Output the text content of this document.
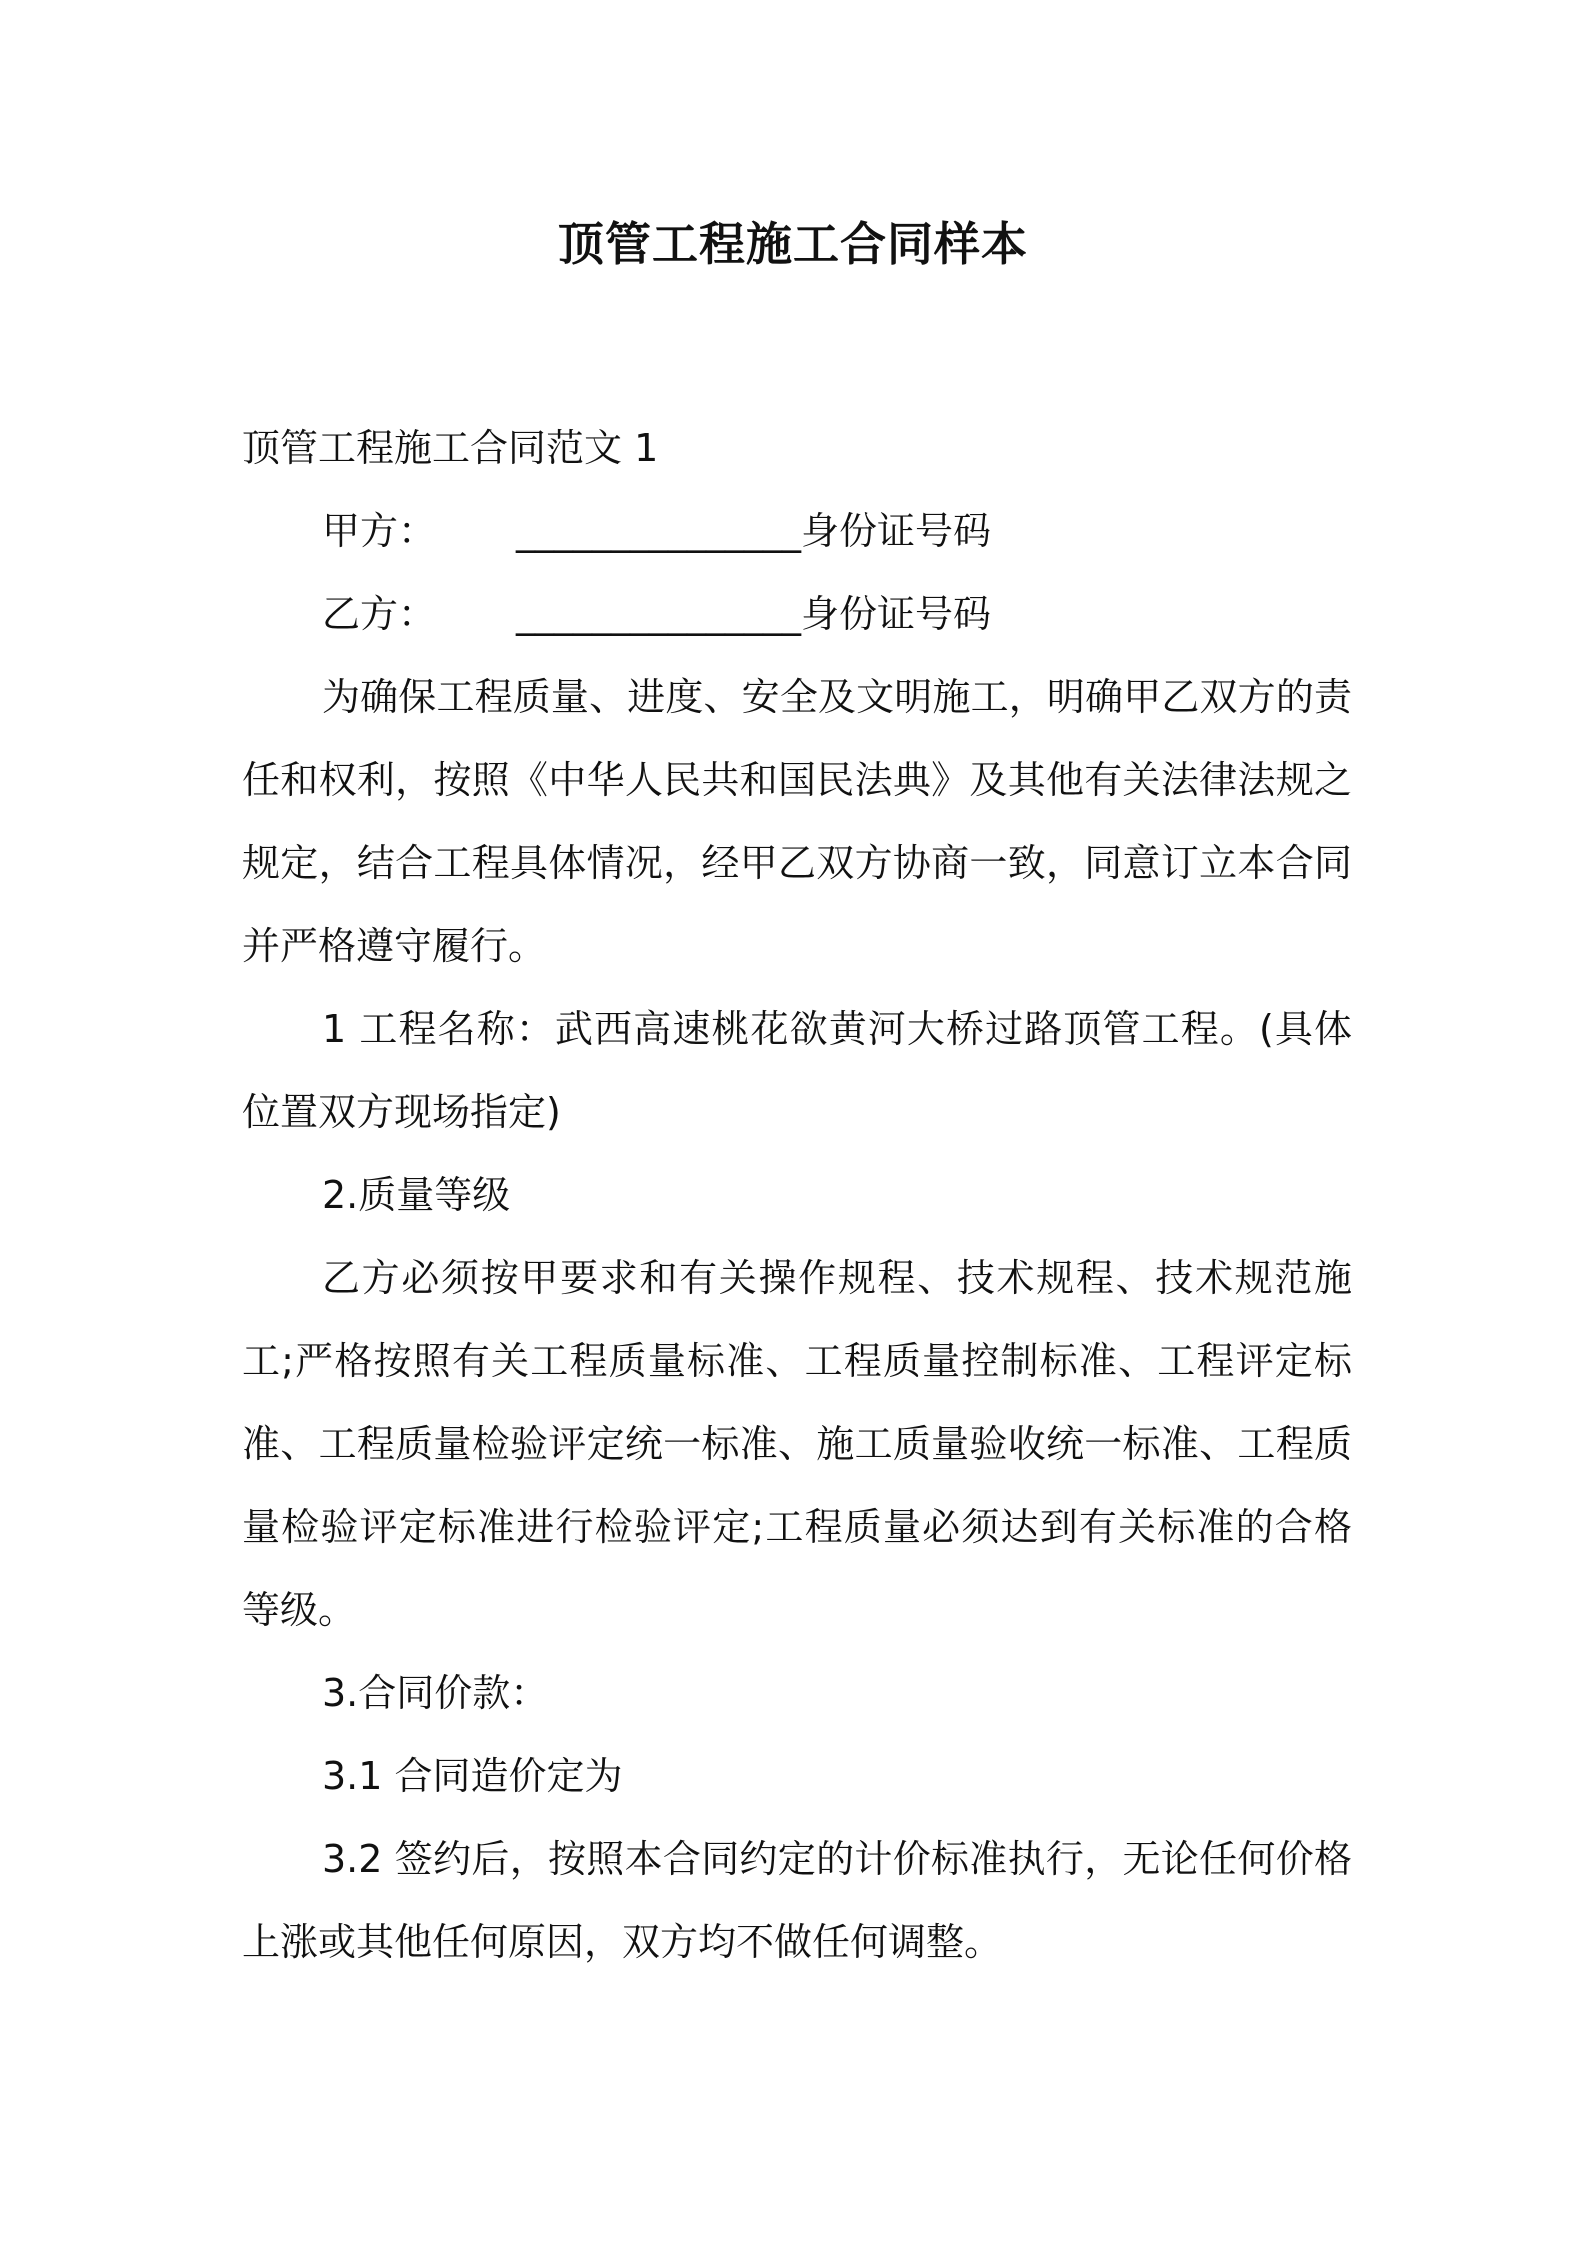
顶管工程施工合同样本

顶管工程施工合同范文 1

甲方： _______________身份证号码

乙方： _______________身份证号码

为确保工程质量、进度、安全及文明施工，明确甲乙双方的责任和权利，按照《中华人民共和国民法典》及其他有关法律法规之规定，结合工程具体情况，经甲乙双方协商一致，同意订立本合同并严格遵守履行。

1 工程名称：武西高速桃花欲黄河大桥过路顶管工程。(具体位置双方现场指定)

2.质量等级

乙方必须按甲要求和有关操作规程、技术规程、技术规范施工;严格按照有关工程质量标准、工程质量控制标准、工程评定标准、工程质量检验评定统一标准、施工质量验收统一标准、工程质量检验评定标准进行检验评定;工程质量必须达到有关标准的合格等级。

3.合同价款：

3.1 合同造价定为

3.2 签约后，按照本合同约定的计价标准执行，无论任何价格上涨或其他任何原因，双方均不做任何调整。
